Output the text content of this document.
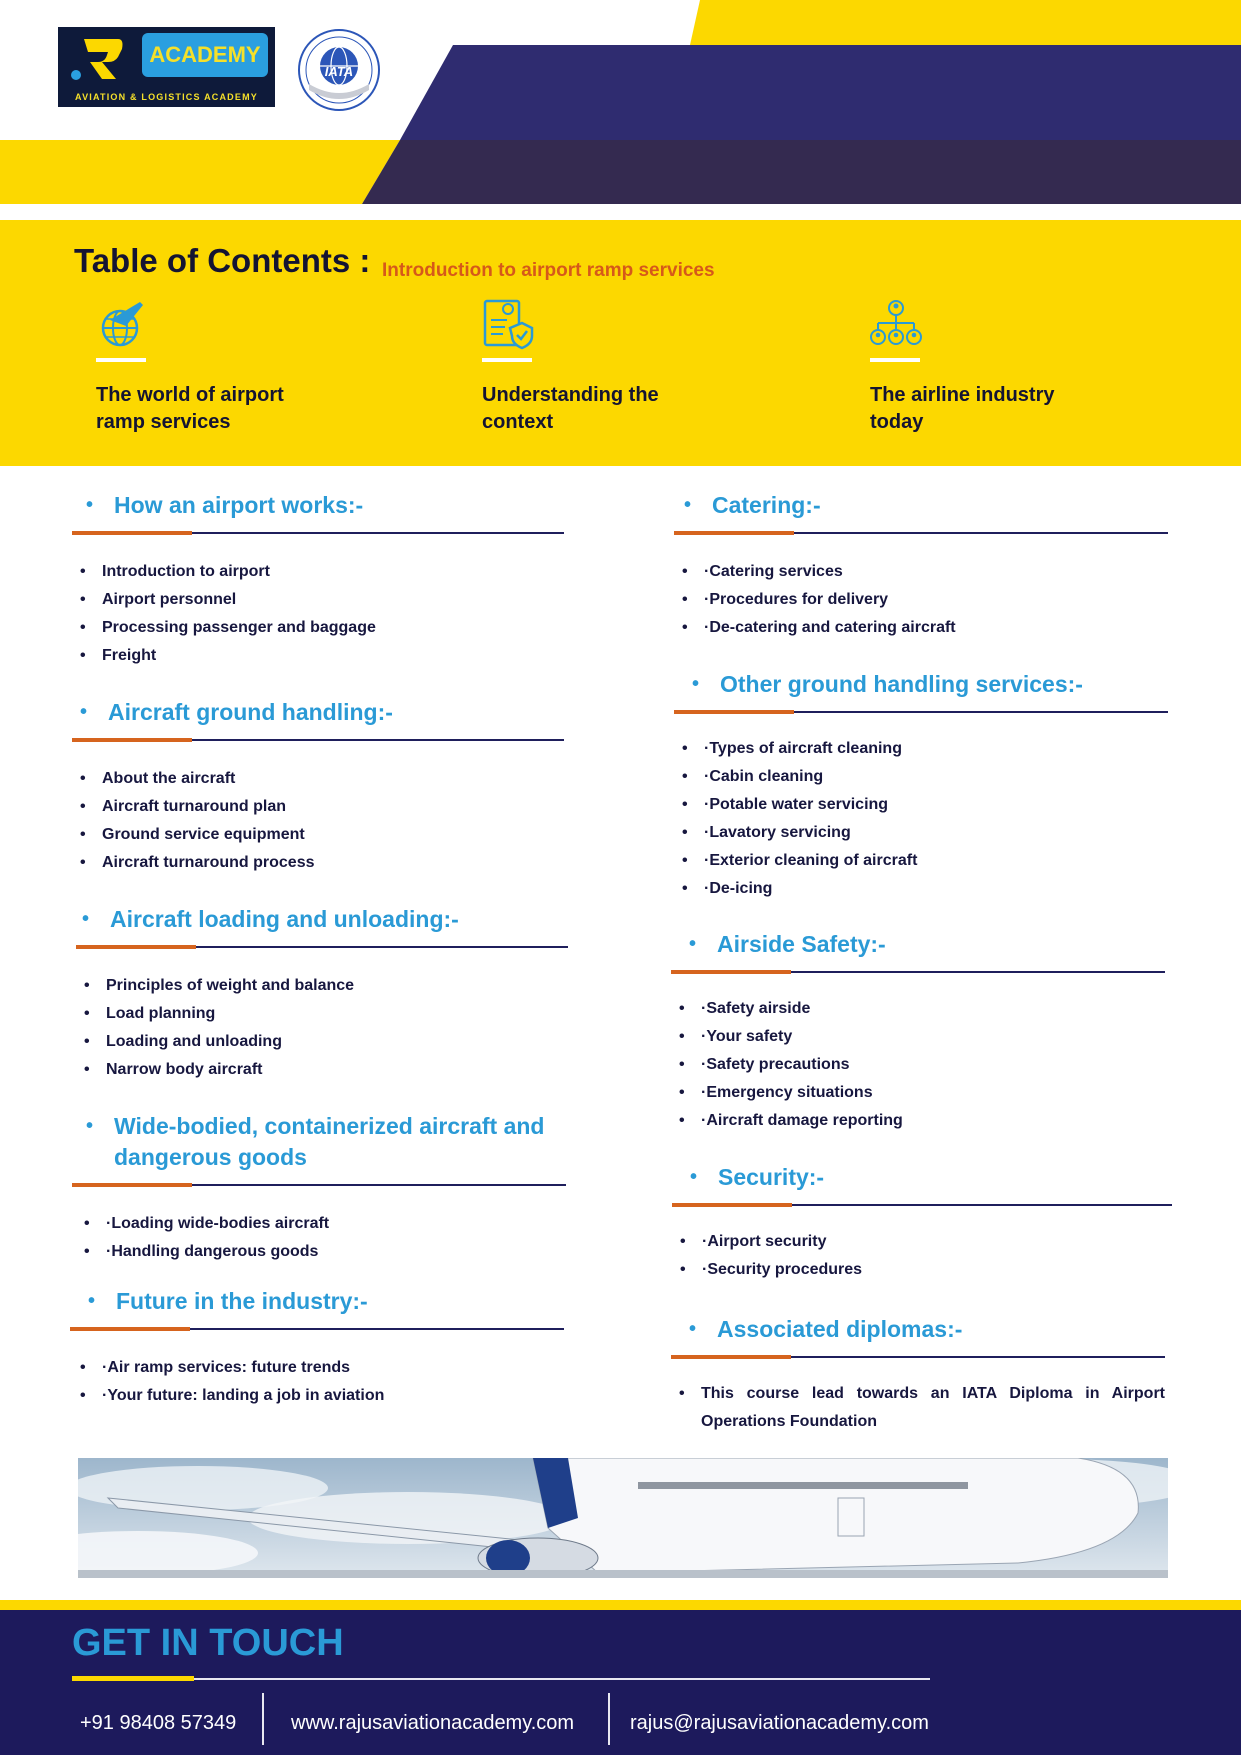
ACADEMY
AVIATION & LOGISTICS ACADEMY
IATA
Table of Contents : Introduction to airport ramp services
The world of airport
ramp services
Understanding the
context
The airline industry
today
• How an airport works:-
• Introduction to airport
• Airport personnel
• Processing passenger and baggage
• Freight
• Aircraft ground handling:-
• About the aircraft
• Aircraft turnaround plan
• Ground service equipment
• Aircraft turnaround process
• Aircraft loading and unloading:-
• Principles of weight and balance
• Load planning
• Loading and unloading
• Narrow body aircraft
• Wide-bodied, containerized aircraft and dangerous goods
• ·Loading wide-bodies aircraft
• ·Handling dangerous goods
• Future in the industry:-
• ·Air ramp services: future trends
• ·Your future: landing a job in aviation
• Catering:-
• ·Catering services
• ·Procedures for delivery
• ·De-catering and catering aircraft
• Other ground handling services:-
• ·Types of aircraft cleaning
• ·Cabin cleaning
• ·Potable water servicing
• ·Lavatory servicing
• ·Exterior cleaning of aircraft
• ·De-icing
• Airside Safety:-
• ·Safety airside
• ·Your safety
• ·Safety precautions
• ·Emergency situations
• ·Aircraft damage reporting
• Security:-
• ·Airport security
• ·Security procedures
• Associated diplomas:-
• This course lead towards an IATA Diploma in Airport Operations Foundation
GET IN TOUCH
+91 98408 57349	www.rajusaviationacademy.com	rajus@rajusaviationacademy.com
